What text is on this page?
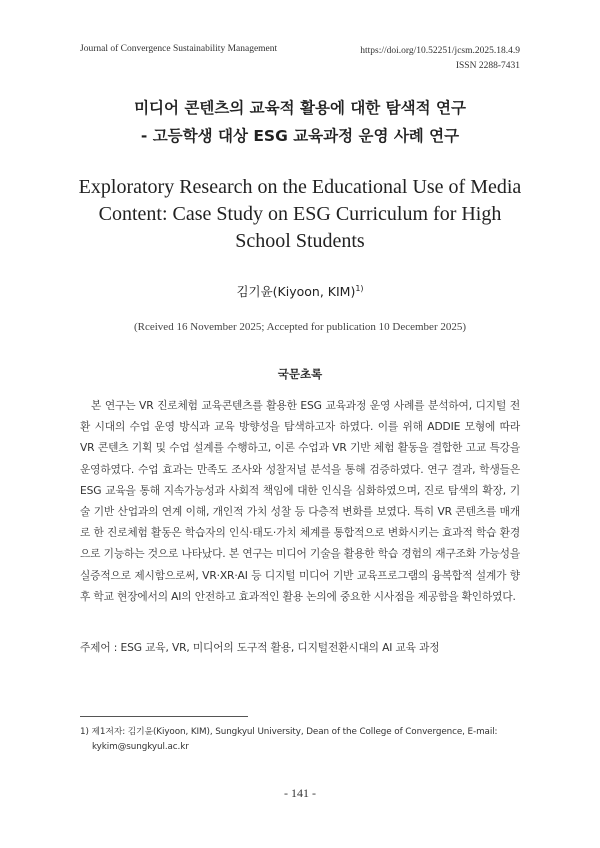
Journal of Convergence Sustainability Management	https://doi.org/10.52251/jcsm.2025.18.4.9
ISSN 2288-7431
미디어 콘텐츠의 교육적 활용에 대한 탐색적 연구
- 고등학생 대상 ESG 교육과정 운영 사례 연구
Exploratory Research on the Educational Use of Media
Content: Case Study on ESG Curriculum for High
School Students
김기윤(Kiyoon, KIM)$^{1)}$
(Rceived 16 November 2025; Accepted for publication 10 December 2025)
국문초록
본 연구는 VR 진로체험 교육콘텐츠를 활용한 ESG 교육과정 운영 사례를 분석하여, 디지털 전환 시대의 수업 운영 방식과 교육 방향성을 탐색하고자 하였다. 이를 위해 ADDIE 모형에 따라 VR 콘텐츠 기획 및 수업 설계를 수행하고, 이론 수업과 VR 기반 체험 활동을 결합한 고교 특강을 운영하였다. 수업 효과는 만족도 조사와 성찰저널 분석을 통해 검증하였다. 연구 결과, 학생들은 ESG 교육을 통해 지속가능성과 사회적 책임에 대한 인식을 심화하였으며, 진로 탐색의 확장, 기술 기반 산업과의 연계 이해, 개인적 가치 성찰 등 다층적 변화를 보였다. 특히 VR 콘텐츠를 매개로 한 진로체험 활동은 학습자의 인식·태도·가치 체계를 통합적으로 변화시키는 효과적 학습 환경으로 기능하는 것으로 나타났다. 본 연구는 미디어 기술을 활용한 학습 경험의 재구조화 가능성을 실증적으로 제시함으로써, VR·XR·AI 등 디지털 미디어 기반 교육프로그램의 융복합적 설계가 향후 학교 현장에서의 AI의 안전하고 효과적인 활용 논의에 중요한 시사점을 제공함을 확인하였다.
주제어 : ESG 교육, VR, 미디어의 도구적 활용, 디지털전환시대의 AI 교육 과정
1) 제1저자: 김기윤(Kiyoon, KIM), Sungkyul University, Dean of the College of Convergence, E-mail:
kykim@sungkyul.ac.kr
- 141 -
